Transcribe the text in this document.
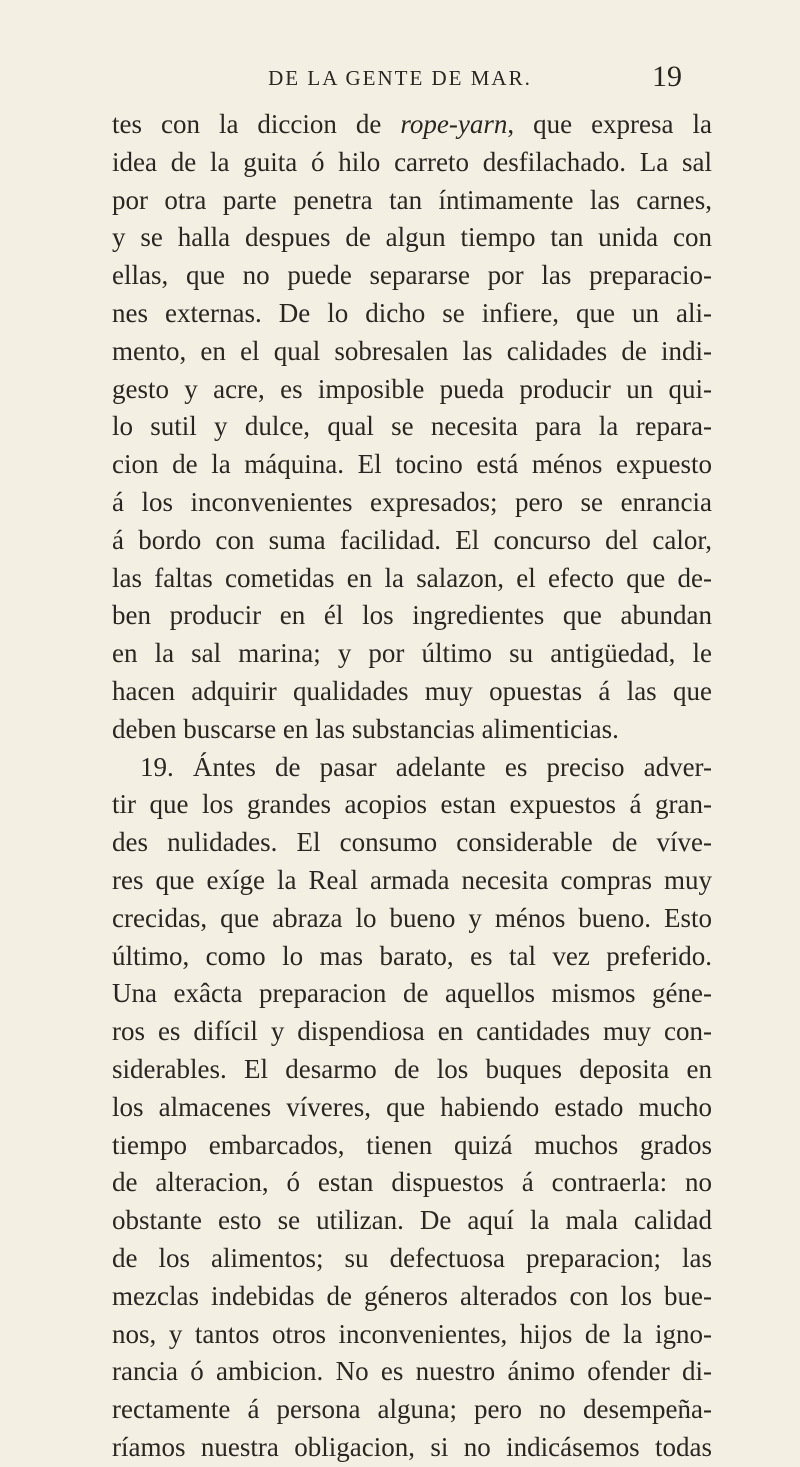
DE LA GENTE DE MAR.	19
tes con la diccion de rope-yarn, que expresa la
idea de la guita ó hilo carreto desfilachado. La sal
por otra parte penetra tan íntimamente las carnes,
y se halla despues de algun tiempo tan unida con
ellas, que no puede separarse por las preparacio-
nes externas. De lo dicho se infiere, que un ali-
mento, en el qual sobresalen las calidades de indi-
gesto y acre, es imposible pueda producir un qui-
lo sutil y dulce, qual se necesita para la repara-
cion de la máquina. El tocino está ménos expuesto
á los inconvenientes expresados; pero se enrancia
á bordo con suma facilidad. El concurso del calor,
las faltas cometidas en la salazon, el efecto que de-
ben producir en él los ingredientes que abundan
en la sal marina; y por último su antigüedad, le
hacen adquirir qualidades muy opuestas á las que
deben buscarse en las substancias alimenticias.
19. Ántes de pasar adelante es preciso adver-
tir que los grandes acopios estan expuestos á gran-
des nulidades. El consumo considerable de víve-
res que exíge la Real armada necesita compras muy
crecidas, que abraza lo bueno y ménos bueno. Esto
último, como lo mas barato, es tal vez preferido.
Una exâcta preparacion de aquellos mismos géne-
ros es difícil y dispendiosa en cantidades muy con-
siderables. El desarmo de los buques deposita en
los almacenes víveres, que habiendo estado mucho
tiempo embarcados, tienen quizá muchos grados
de alteracion, ó estan dispuestos á contraerla: no
obstante esto se utilizan. De aquí la mala calidad
de los alimentos; su defectuosa preparacion; las
mezclas indebidas de géneros alterados con los bue-
nos, y tantos otros inconvenientes, hijos de la igno-
rancia ó ambicion. No es nuestro ánimo ofender di-
rectamente á persona alguna; pero no desempeña-
ríamos nuestra obligacion, si no indicásemos todas
